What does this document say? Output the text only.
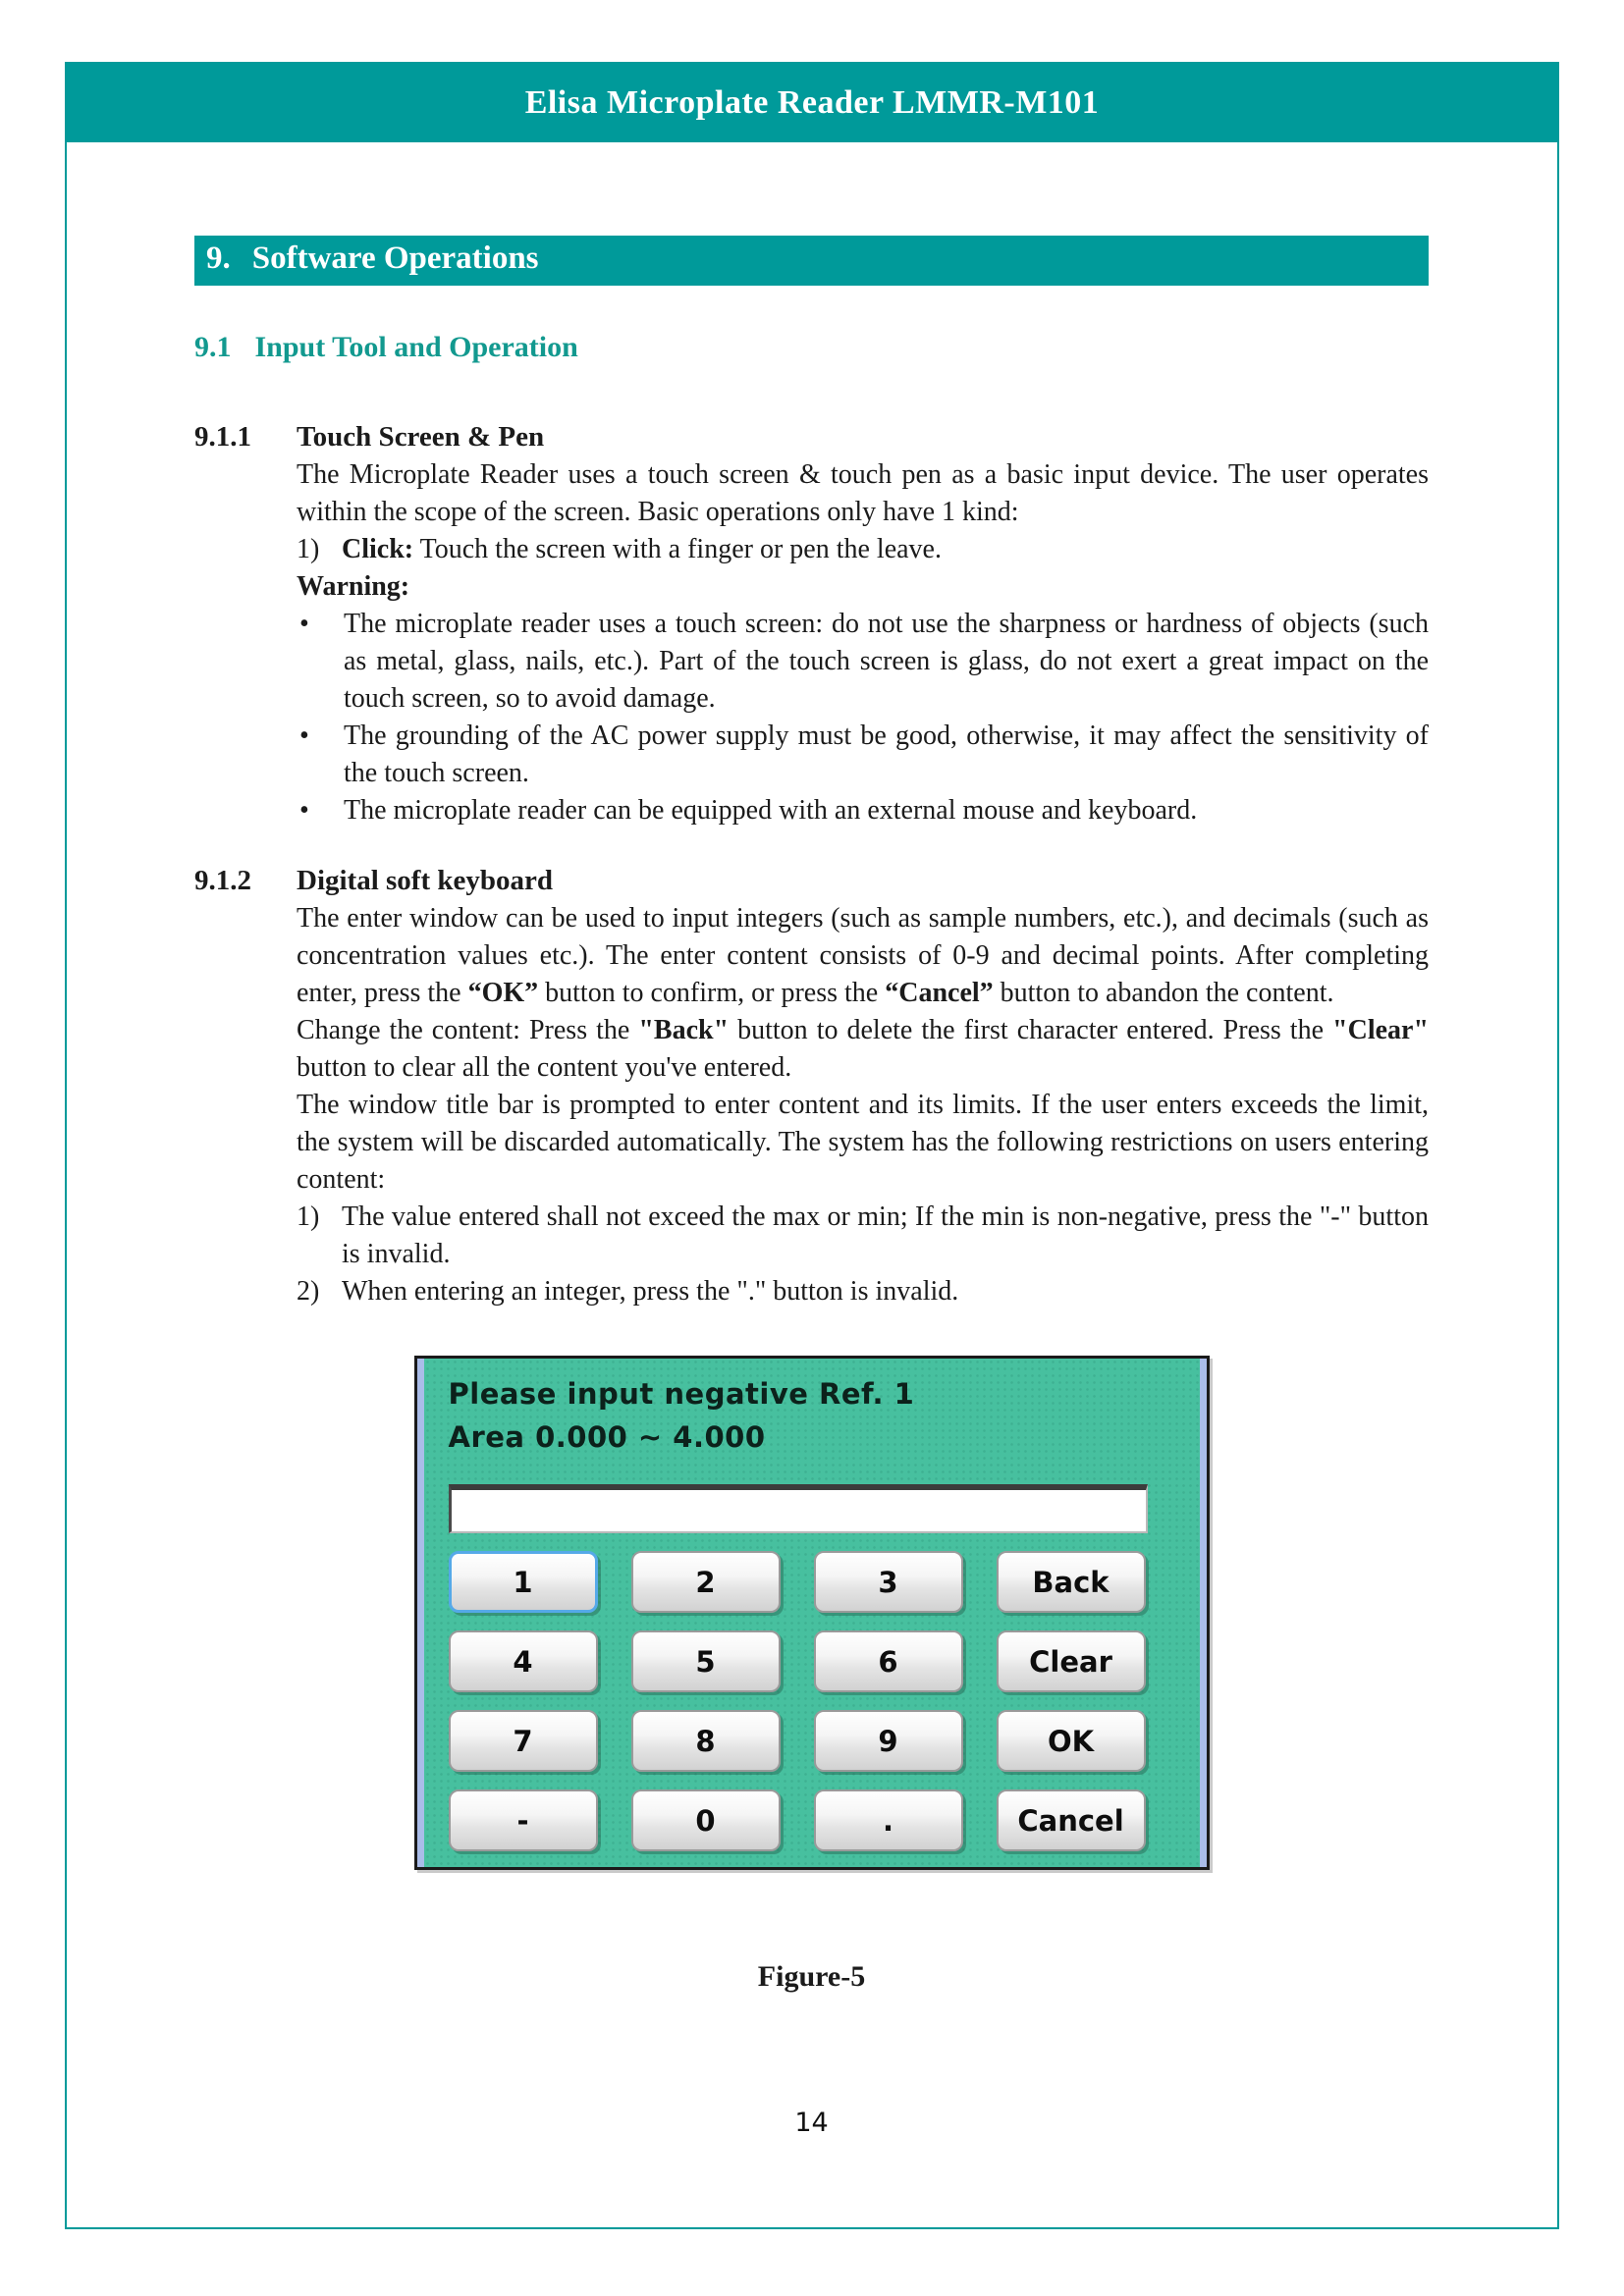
Elisa Microplate Reader LMMR-M101
9. Software Operations
9.1 Input Tool and Operation
9.1.1	Touch Screen & Pen

The Microplate Reader uses a touch screen & touch pen as a basic input device. The user operates within the scope of the screen. Basic operations only have 1 kind:

1) Click: Touch the screen with a finger or pen the leave.

Warning:

• The microplate reader uses a touch screen: do not use the sharpness or hardness of objects (such as metal, glass, nails, etc.). Part of the touch screen is glass, do not exert a great impact on the touch screen, so to avoid damage.
• The grounding of the AC power supply must be good, otherwise, it may affect the sensitivity of the touch screen.
• The microplate reader can be equipped with an external mouse and keyboard.
9.1.2	Digital soft keyboard

The enter window can be used to input integers (such as sample numbers, etc.), and decimals (such as concentration values etc.). The enter content consists of 0-9 and decimal points. After completing enter, press the “OK” button to confirm, or press the “Cancel” button to abandon the content.

Change the content: Press the "Back" button to delete the first character entered. Press the "Clear" button to clear all the content you've entered.

The window title bar is prompted to enter content and its limits. If the user enters exceeds the limit, the system will be discarded automatically. The system has the following restrictions on users entering content:

1) The value entered shall not exceed the max or min; If the min is non-negative, press the "-" button is invalid.
2) When entering an integer, press the "." button is invalid.
Please input negative Ref. 1
Area 0.000 ~ 4.000
1	2	3	Back
4	5	6	Clear
7	8	9	OK
-	0	.	Cancel
Figure-5
14
